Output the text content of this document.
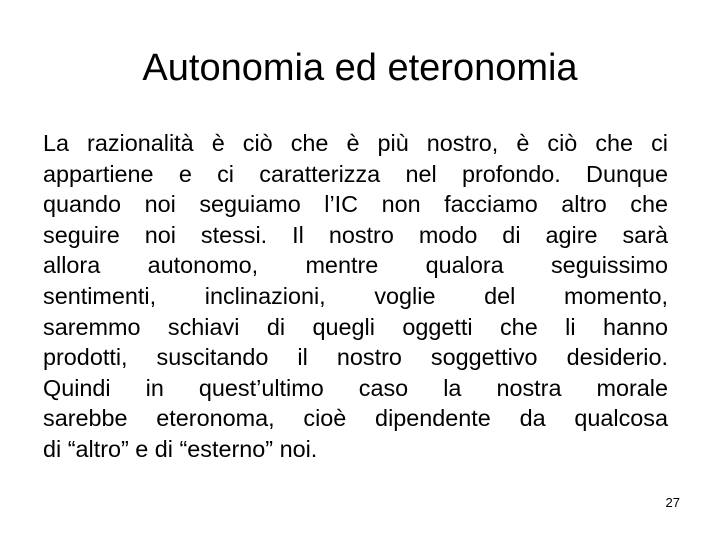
Autonomia ed eteronomia
La razionalità è ciò che è più nostro, è ciò che ci
appartiene e ci caratterizza nel profondo. Dunque
quando noi seguiamo l’IC non facciamo altro che
seguire noi stessi. Il nostro modo di agire sarà
allora autonomo, mentre qualora seguissimo
sentimenti, inclinazioni, voglie del momento,
saremmo schiavi di quegli oggetti che li hanno
prodotti, suscitando il nostro soggettivo desiderio.
Quindi in quest’ultimo caso la nostra morale
sarebbe eteronoma, cioè dipendente da qualcosa
di “altro” e di “esterno” noi.
27
